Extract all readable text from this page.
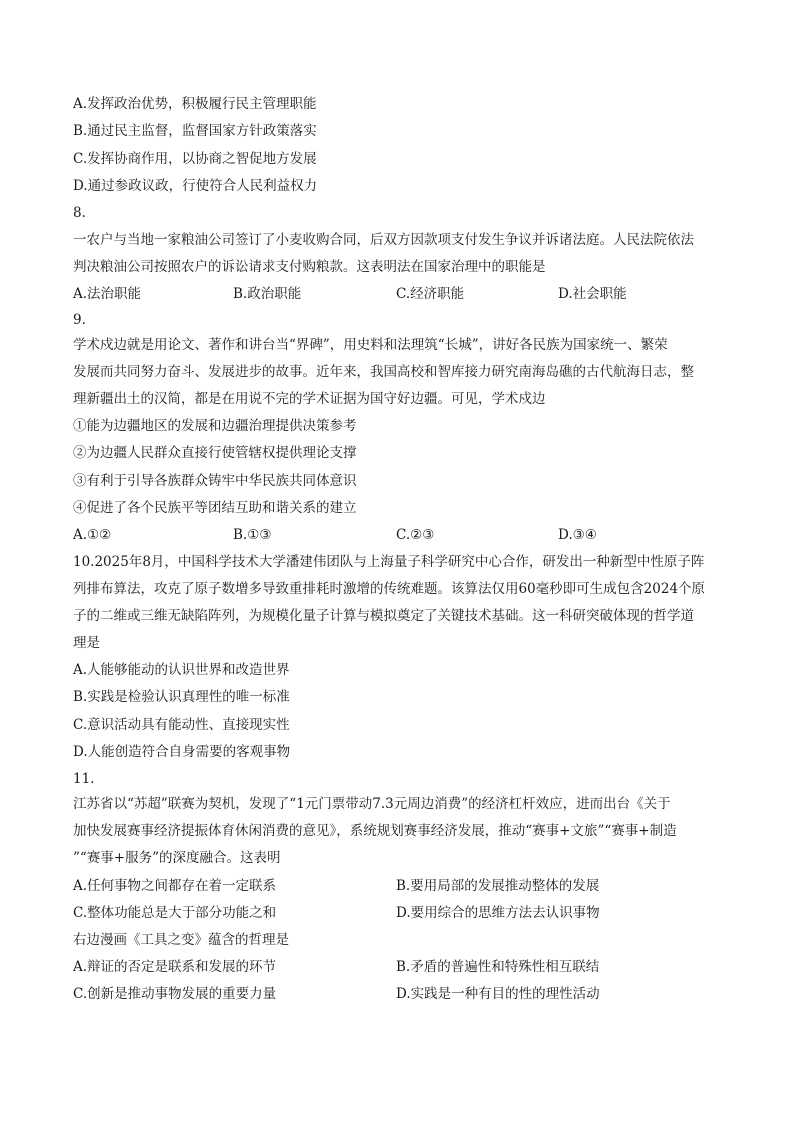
A.发挥政治优势，积极履行民主管理职能
B.通过民主监督，监督国家方针政策落实
C.发挥协商作用，以协商之智促地方发展
D.通过参政议政，行使符合人民利益权力
8.
一农户与当地一家粮油公司签订了小麦收购合同，后双方因款项支付发生争议并诉诸法庭。人民法院依法
判决粮油公司按照农户的诉讼请求支付购粮款。这表明法在国家治理中的职能是
A.法治职能	B.政治职能	C.经济职能	D.社会职能
9.
学术戍边就是用论文、著作和讲台当“界碑”，用史料和法理筑“长城”，讲好各民族为国家统一、繁荣
发展而共同努力奋斗、发展进步的故事。近年来，我国高校和智库接力研究南海岛礁的古代航海日志，整
理新疆出土的汉简，都是在用说不完的学术证据为国守好边疆。可见，学术戍边
①能为边疆地区的发展和边疆治理提供决策参考
②为边疆人民群众直接行使管辖权提供理论支撑
③有利于引导各族群众铸牢中华民族共同体意识
④促进了各个民族平等团结互助和谐关系的建立
A.①②	B.①③	C.②③	D.③④
10.2025年8月，中国科学技术大学潘建伟团队与上海量子科学研究中心合作，研发出一种新型中性原子阵
列排布算法，攻克了原子数增多导致重排耗时激增的传统难题。该算法仅用60毫秒即可生成包含2024个原
子的二维或三维无缺陷阵列，为规模化量子计算与模拟奠定了关键技术基础。这一科研突破体现的哲学道
理是
A.人能够能动的认识世界和改造世界
B.实践是检验认识真理性的唯一标准
C.意识活动具有能动性、直接现实性
D.人能创造符合自身需要的客观事物
11.
江苏省以“苏超”联赛为契机，发现了“1元门票带动7.3元周边消费”的经济杠杆效应，进而出台《关于
加快发展赛事经济提振体育休闲消费的意见》，系统规划赛事经济发展，推动“赛事+文旅”“赛事+制造
”“赛事+服务”的深度融合。这表明
A.任何事物之间都存在着一定联系	B.要用局部的发展推动整体的发展
C.整体功能总是大于部分功能之和	D.要用综合的思维方法去认识事物
右边漫画《工具之变》蕴含的哲理是
A.辩证的否定是联系和发展的环节	B.矛盾的普遍性和特殊性相互联结
C.创新是推动事物发展的重要力量	D.实践是一种有目的性的理性活动
